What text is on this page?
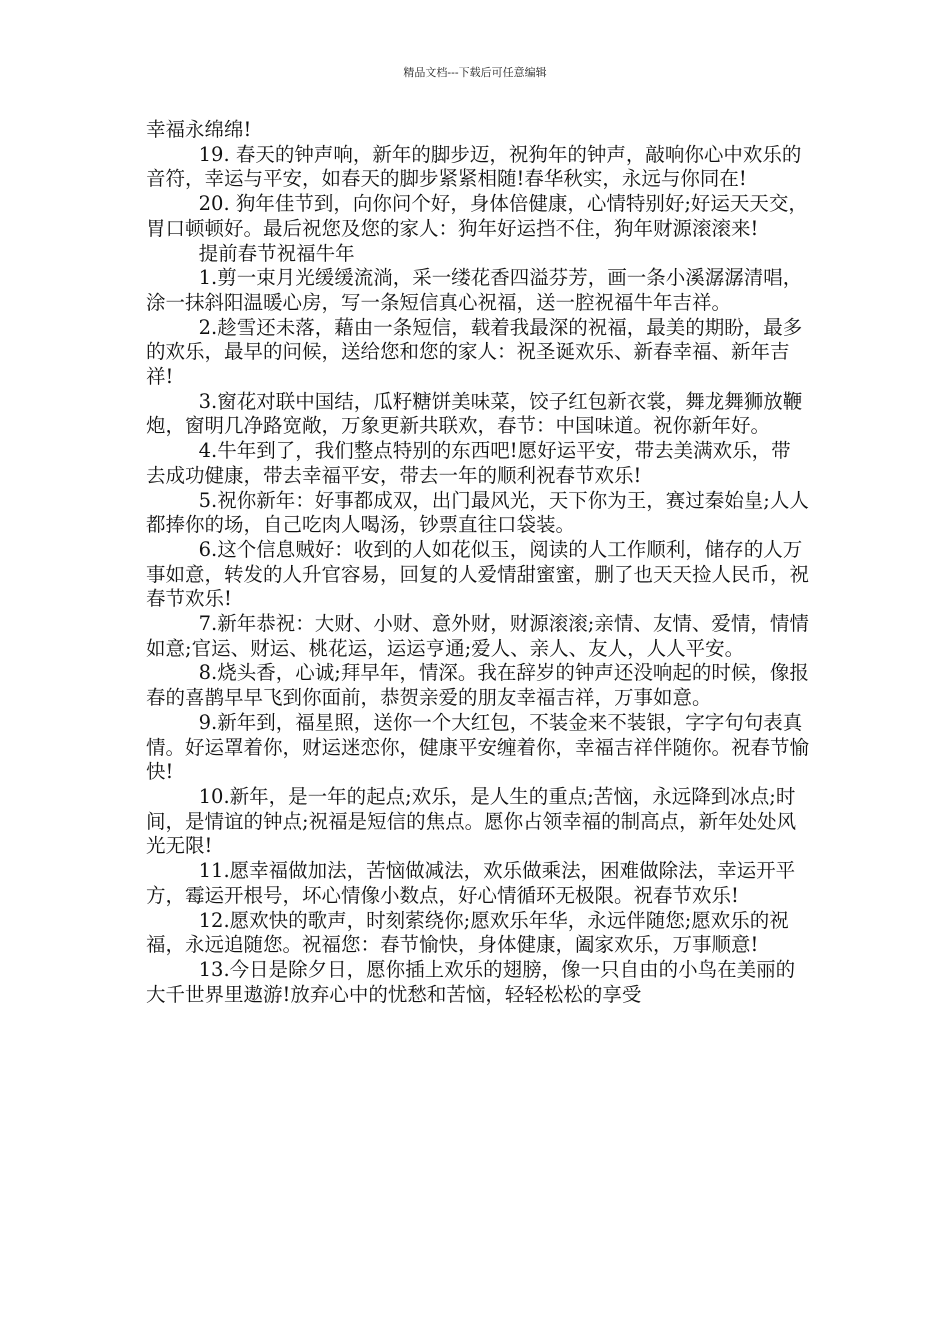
精品文档---下载后可任意编辑

幸福永绵绵!

19. 春天的钟声响，新年的脚步迈，祝狗年的钟声，敲响你心中欢乐的音符，幸运与平安，如春天的脚步紧紧相随!春华秋实，永远与你同在!

20. 狗年佳节到，向你问个好，身体倍健康，心情特别好;好运天天交，胃口顿顿好。最后祝您及您的家人：狗年好运挡不住，狗年财源滚滚来!

提前春节祝福牛年

1.剪一束月光缓缓流淌，采一缕花香四溢芬芳，画一条小溪潺潺清唱，涂一抹斜阳温暖心房，写一条短信真心祝福，送一腔祝福牛年吉祥。

2.趁雪还未落，藉由一条短信，载着我最深的祝福，最美的期盼，最多的欢乐，最早的问候，送给您和您的家人：祝圣诞欢乐、新春幸福、新年吉祥!

3.窗花对联中国结，瓜籽糖饼美味菜，饺子红包新衣裳，舞龙舞狮放鞭炮，窗明几净路宽敞，万象更新共联欢，春节：中国味道。祝你新年好。

4.牛年到了，我们整点特别的东西吧!愿好运平安，带去美满欢乐，带去成功健康，带去幸福平安，带去一年的顺利祝春节欢乐!

5.祝你新年：好事都成双，出门最风光，天下你为王，赛过秦始皇;人人都捧你的场，自己吃肉人喝汤，钞票直往口袋装。

6.这个信息贼好：收到的人如花似玉，阅读的人工作顺利，储存的人万事如意，转发的人升官容易，回复的人爱情甜蜜蜜，删了也天天捡人民币，祝春节欢乐!

7.新年恭祝：大财、小财、意外财，财源滚滚;亲情、友情、爱情，情情如意;官运、财运、桃花运，运运亨通;爱人、亲人、友人，人人平安。

8.烧头香，心诚;拜早年，情深。我在辞岁的钟声还没响起的时候，像报春的喜鹊早早飞到你面前，恭贺亲爱的朋友幸福吉祥，万事如意。

9.新年到，福星照，送你一个大红包，不装金来不装银，字字句句表真情。好运罩着你，财运迷恋你，健康平安缠着你，幸福吉祥伴随你。祝春节愉快!

10.新年，是一年的起点;欢乐，是人生的重点;苦恼，永远降到冰点;时间，是情谊的钟点;祝福是短信的焦点。愿你占领幸福的制高点，新年处处风光无限!

11.愿幸福做加法，苦恼做减法，欢乐做乘法，困难做除法，幸运开平方，霉运开根号，坏心情像小数点，好心情循环无极限。祝春节欢乐!

12.愿欢快的歌声，时刻萦绕你;愿欢乐年华，永远伴随您;愿欢乐的祝福，永远追随您。祝福您：春节愉快，身体健康，阖家欢乐，万事顺意!

13.今日是除夕日，愿你插上欢乐的翅膀，像一只自由的小鸟在美丽的大千世界里遨游!放弃心中的忧愁和苦恼，轻轻松松的享受
